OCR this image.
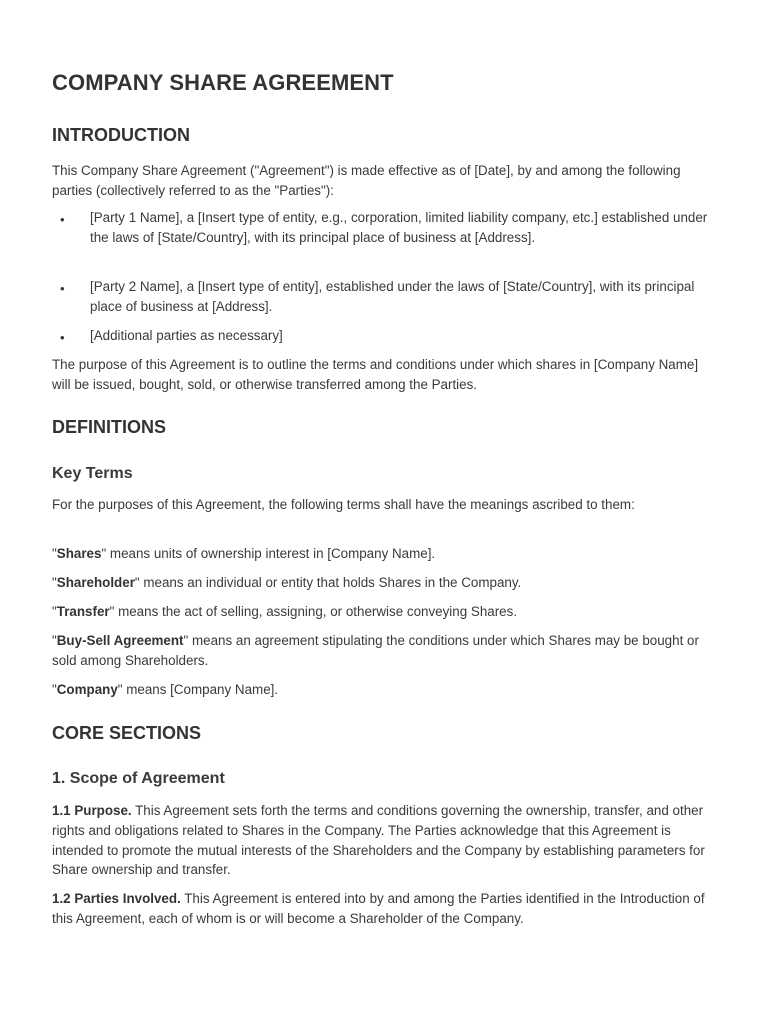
COMPANY SHARE AGREEMENT
INTRODUCTION

This Company Share Agreement ("Agreement") is made effective as of [Date], by and among the following parties (collectively referred to as the "Parties"):

• [Party 1 Name], a [Insert type of entity, e.g., corporation, limited liability company, etc.] established under the laws of [State/Country], with its principal place of business at [Address].

• [Party 2 Name], a [Insert type of entity], established under the laws of [State/Country], with its principal place of business at [Address].

• [Additional parties as necessary]

The purpose of this Agreement is to outline the terms and conditions under which shares in [Company Name] will be issued, bought, sold, or otherwise transferred among the Parties.

DEFINITIONS
Key Terms

For the purposes of this Agreement, the following terms shall have the meanings ascribed to them:

"Shares" means units of ownership interest in [Company Name].

"Shareholder" means an individual or entity that holds Shares in the Company.

"Transfer" means the act of selling, assigning, or otherwise conveying Shares.

"Buy-Sell Agreement" means an agreement stipulating the conditions under which Shares may be bought or sold among Shareholders.

"Company" means [Company Name].

CORE SECTIONS
1. Scope of Agreement

1.1 Purpose. This Agreement sets forth the terms and conditions governing the ownership, transfer, and other rights and obligations related to Shares in the Company. The Parties acknowledge that this Agreement is intended to promote the mutual interests of the Shareholders and the Company by establishing parameters for Share ownership and transfer.

1.2 Parties Involved. This Agreement is entered into by and among the Parties identified in the Introduction of this Agreement, each of whom is or will become a Shareholder of the Company.
